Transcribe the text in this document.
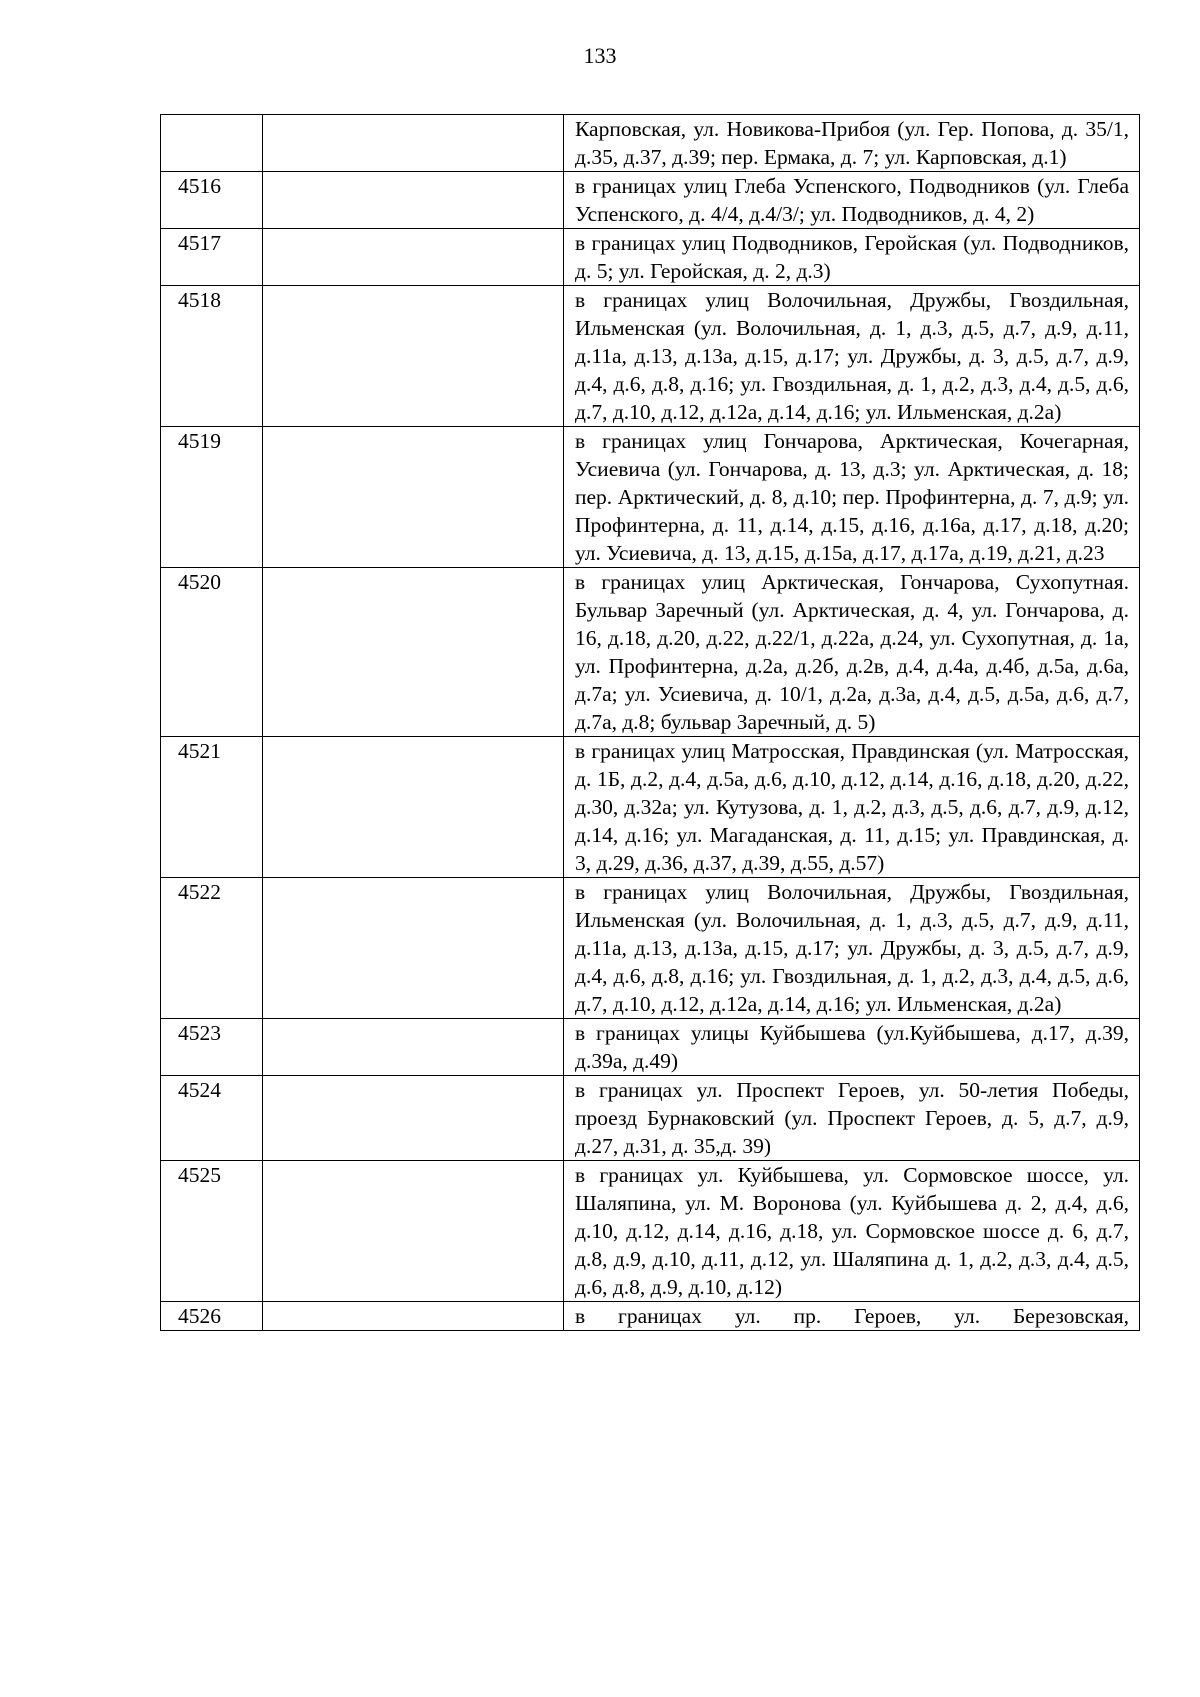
133
		Карповская, ул. Новикова-Прибоя (ул. Гер. Попова, д. 35/1, д.35, д.37, д.39; пер. Ермака, д. 7; ул. Карповская, д.1)
4516		в границах улиц Глеба Успенского, Подводников (ул. Глеба Успенского, д. 4/4, д.4/3/; ул. Подводников, д. 4, 2)
4517		в границах улиц Подводников, Геройская (ул. Подводников, д. 5; ул. Геройская, д. 2, д.3)
4518		в границах улиц Волочильная, Дружбы, Гвоздильная, Ильменская (ул. Волочильная, д. 1, д.3, д.5, д.7, д.9, д.11, д.11а, д.13, д.13а, д.15, д.17; ул. Дружбы, д. 3, д.5, д.7, д.9, д.4, д.6, д.8, д.16; ул. Гвоздильная, д. 1, д.2, д.3, д.4, д.5, д.6, д.7, д.10, д.12, д.12а, д.14, д.16; ул. Ильменская, д.2а)
4519		в границах улиц Гончарова, Арктическая, Кочегарная, Усиевича (ул. Гончарова, д. 13, д.3; ул. Арктическая, д. 18; пер. Арктический, д. 8, д.10; пер. Профинтерна, д. 7, д.9; ул. Профинтерна, д. 11, д.14, д.15, д.16, д.16а, д.17, д.18, д.20; ул. Усиевича, д. 13, д.15, д.15а, д.17, д.17а, д.19, д.21, д.23
4520		в границах улиц Арктическая, Гончарова, Сухопутная. Бульвар Заречный (ул. Арктическая, д. 4, ул. Гончарова, д. 16, д.18, д.20, д.22, д.22/1, д.22а, д.24, ул. Сухопутная, д. 1а, ул. Профинтерна, д.2а, д.2б, д.2в, д.4, д.4а, д.4б, д.5а, д.6а, д.7а; ул. Усиевича, д. 10/1, д.2а, д.3а, д.4, д.5, д.5а, д.6, д.7, д.7а, д.8; бульвар Заречный, д. 5)
4521		в границах улиц Матросская, Правдинская (ул. Матросская, д. 1Б, д.2, д.4, д.5а, д.6, д.10, д.12, д.14, д.16, д.18, д.20, д.22, д.30, д.32а; ул. Кутузова, д. 1, д.2, д.3, д.5, д.6, д.7, д.9, д.12, д.14, д.16; ул. Магаданская, д. 11, д.15; ул. Правдинская, д. 3, д.29, д.36, д.37, д.39, д.55, д.57)
4522		в границах улиц Волочильная, Дружбы, Гвоздильная, Ильменская (ул. Волочильная, д. 1, д.3, д.5, д.7, д.9, д.11, д.11а, д.13, д.13а, д.15, д.17; ул. Дружбы, д. 3, д.5, д.7, д.9, д.4, д.6, д.8, д.16; ул. Гвоздильная, д. 1, д.2, д.3, д.4, д.5, д.6, д.7, д.10, д.12, д.12а, д.14, д.16; ул. Ильменская, д.2а)
4523		в границах улицы Куйбышева (ул.Куйбышева, д.17, д.39, д.39а, д.49)
4524		в границах ул. Проспект Героев, ул. 50-летия Победы, проезд Бурнаковский (ул. Проспект Героев, д. 5, д.7, д.9, д.27, д.31, д. 35,д. 39)
4525		в границах ул. Куйбышева, ул. Сормовское шоссе, ул. Шаляпина, ул. М. Воронова (ул. Куйбышева д. 2, д.4, д.6, д.10, д.12, д.14, д.16, д.18, ул. Сормовское шоссе д. 6, д.7, д.8, д.9, д.10, д.11, д.12, ул. Шаляпина д. 1, д.2, д.3, д.4, д.5, д.6, д.8, д.9, д.10, д.12)
4526		в границах ул. пр. Героев, ул. Березовская,
